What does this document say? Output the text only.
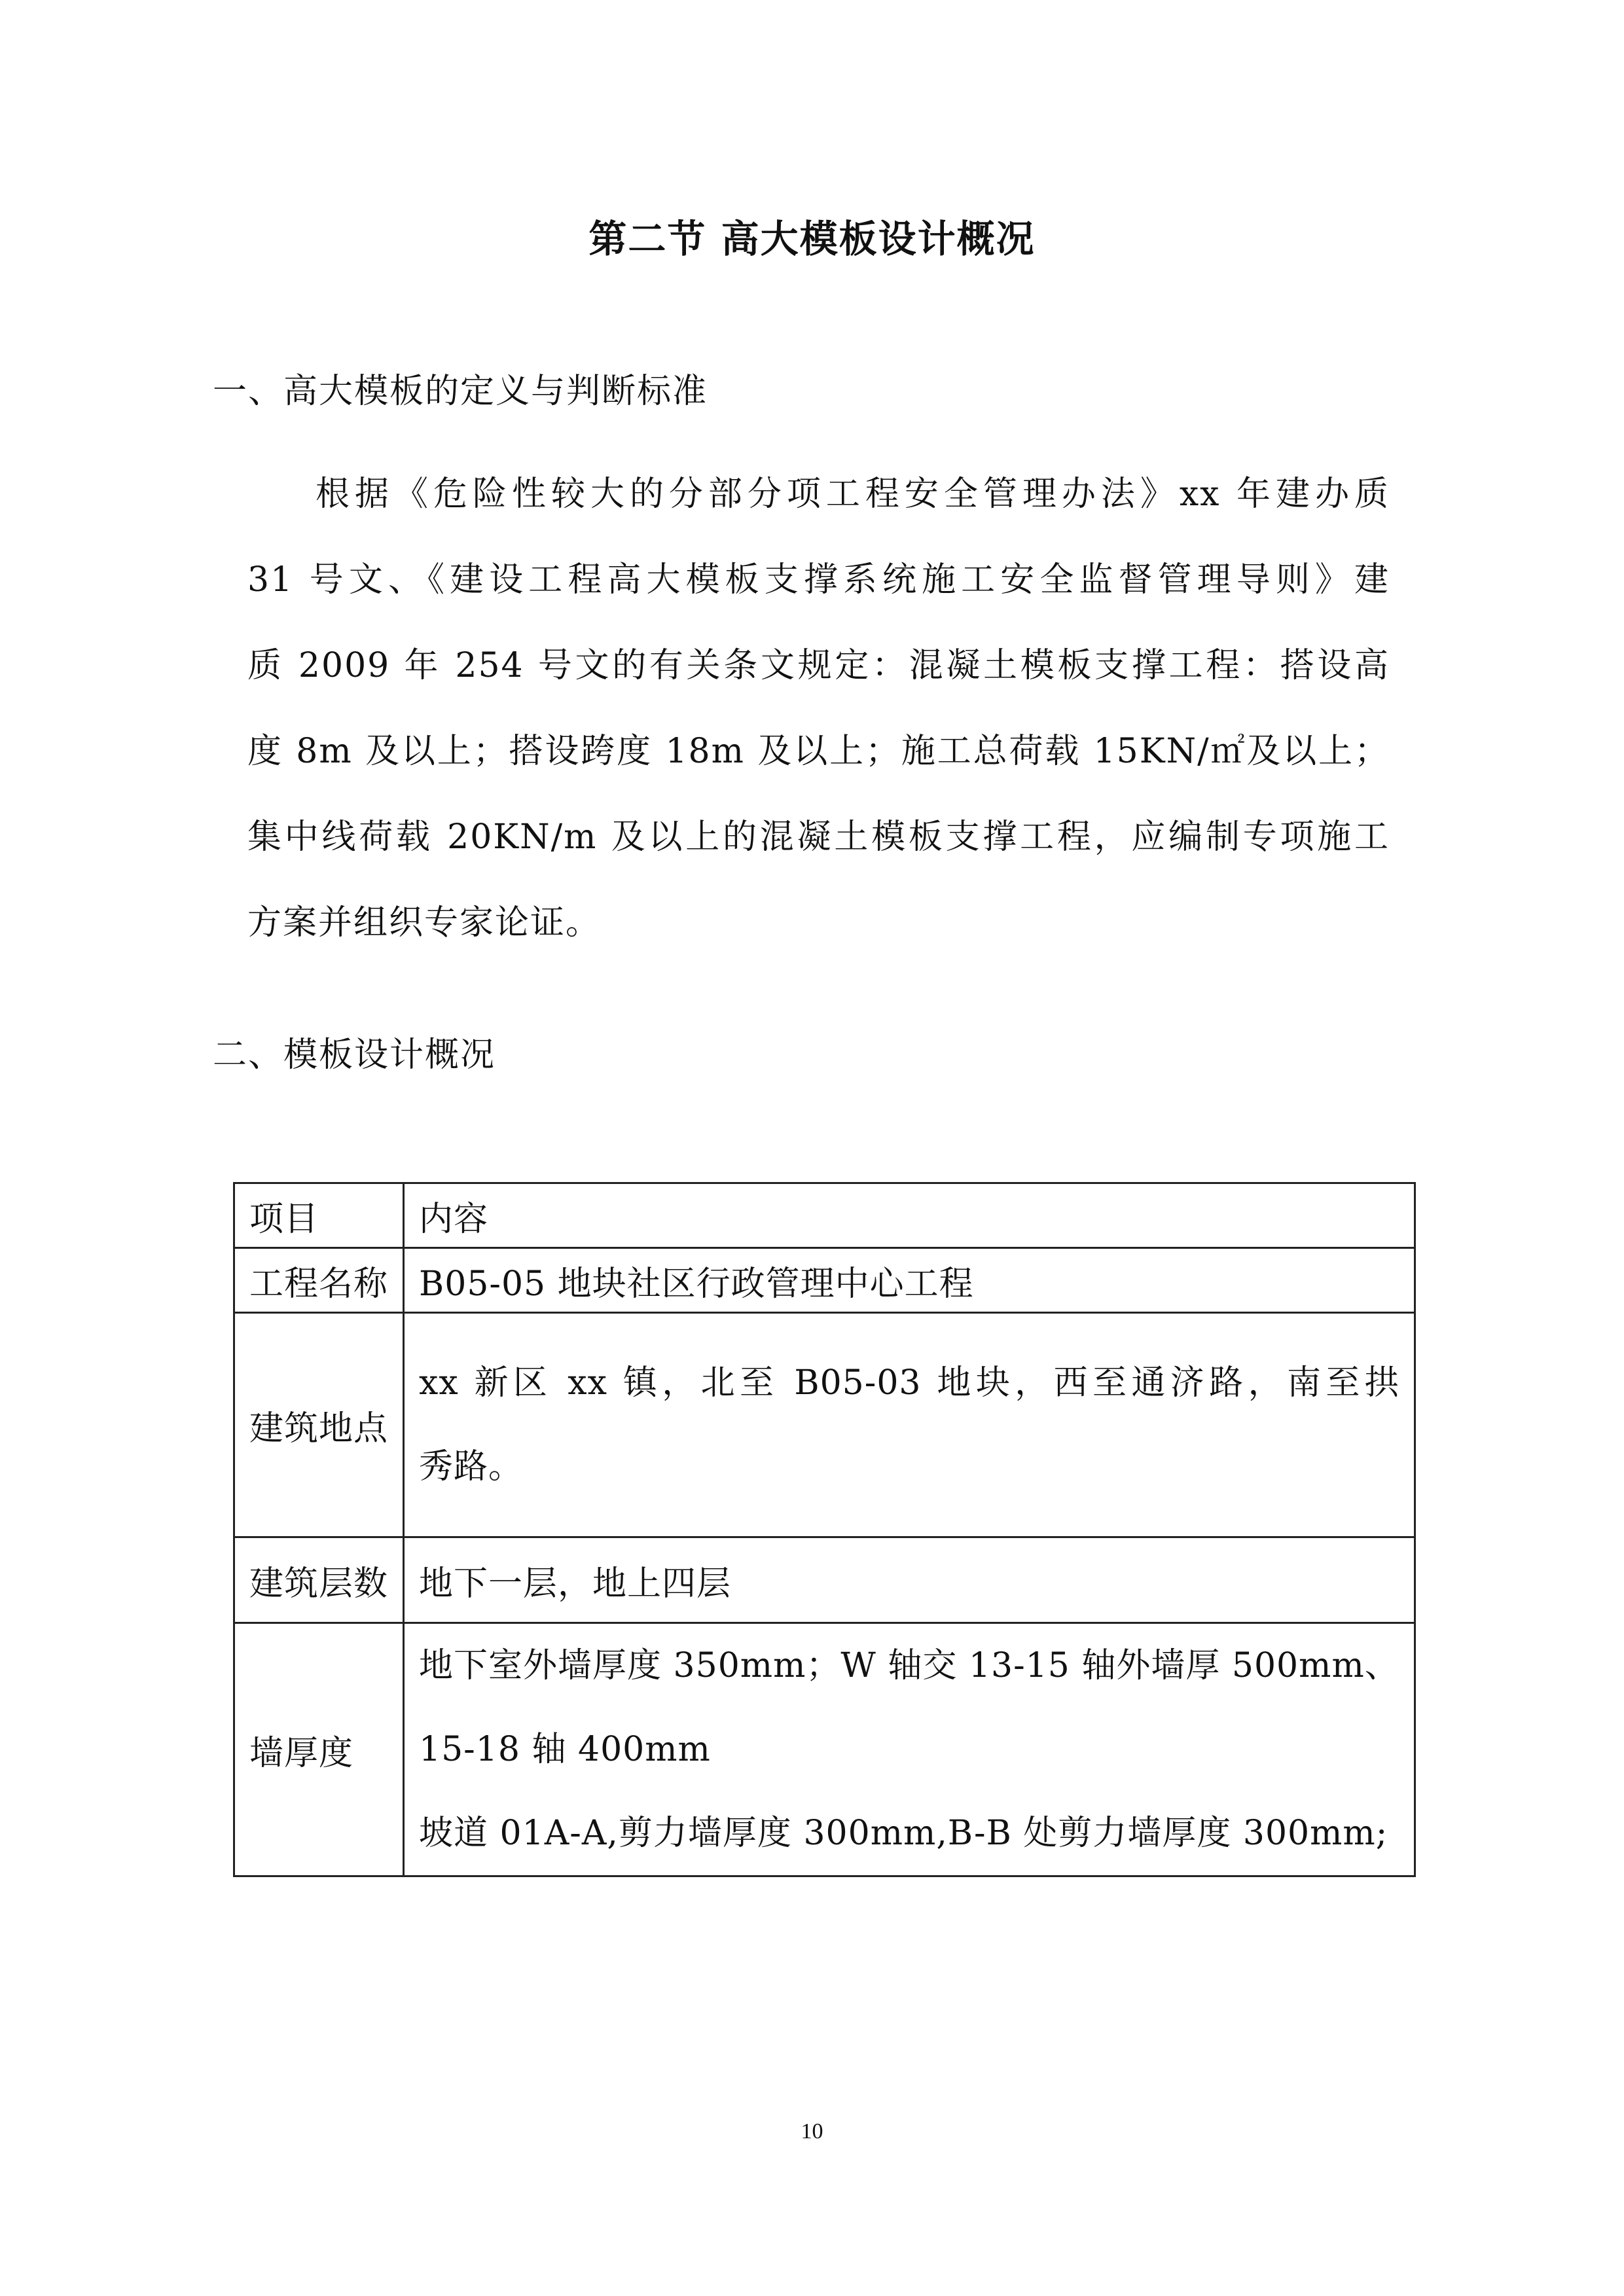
第二节 高大模板设计概况
一、高大模板的定义与判断标准
根据《危险性较大的分部分项工程安全管理办法》xx 年建办质
31 号文、《建设工程高大模板支撑系统施工安全监督管理导则》建
质 2009 年 254 号文的有关条文规定：混凝土模板支撑工程：搭设高
度 8m 及以上；搭设跨度 18m 及以上；施工总荷载 15KN/㎡及以上；
集中线荷载 20KN/m 及以上的混凝土模板支撑工程，应编制专项施工
方案并组织专家论证。
二、模板设计概况
项目	内容
工程名称	B05-05 地块社区行政管理中心工程
建筑地点	xx 新区 xx 镇，北至 B05-03 地块，西至通济路，南至拱
秀路。

建筑层数	地下一层，地上四层
墙厚度	地下室外墙厚度 350mm；W 轴交 13-15 轴外墙厚 500mm、
15-18 轴 400mm
坡道 01A-A,剪力墙厚度 300mm,B-B 处剪力墙厚度 300mm;
10
